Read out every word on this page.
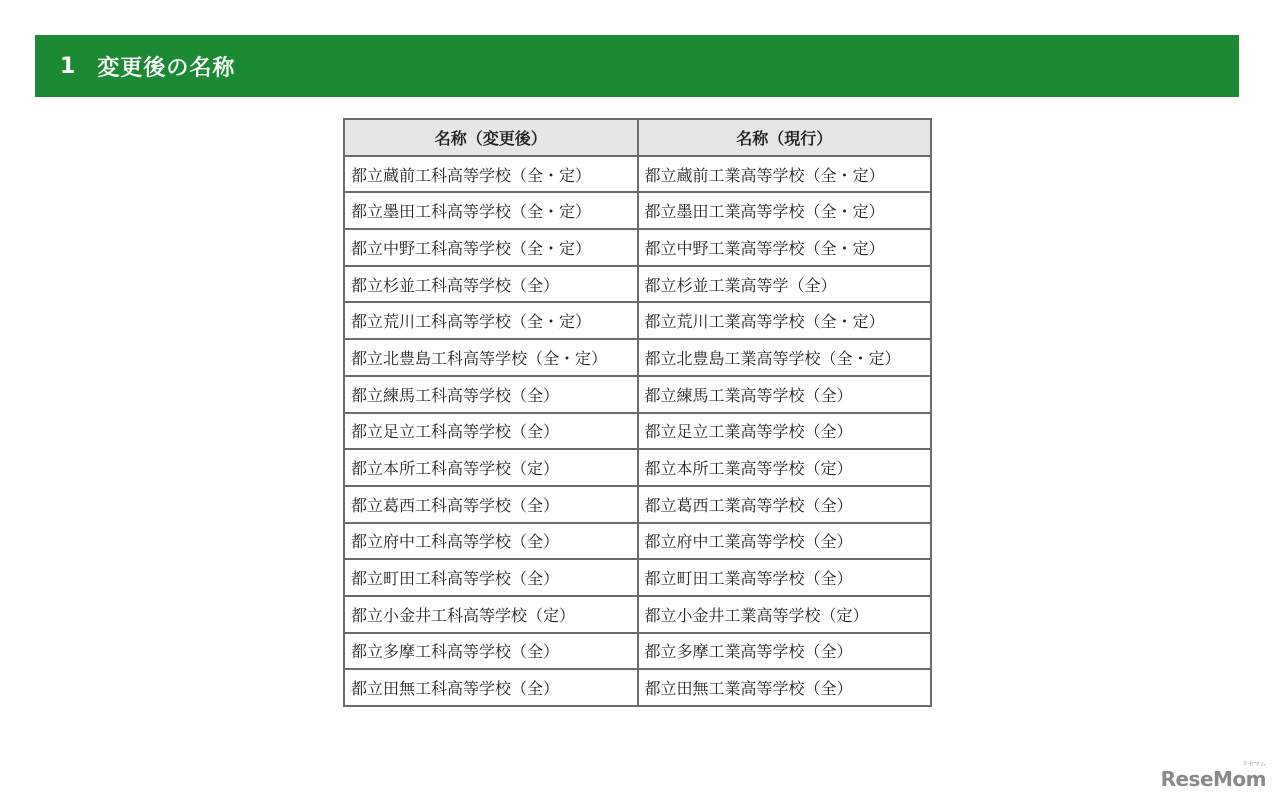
1 変更後の名称
名称（変更後）	名称（現行）
都立蔵前工科高等学校（全・定）	都立蔵前工業高等学校（全・定）
都立墨田工科高等学校（全・定）	都立墨田工業高等学校（全・定）
都立中野工科高等学校（全・定）	都立中野工業高等学校（全・定）
都立杉並工科高等学校（全）	都立杉並工業高等学（全）
都立荒川工科高等学校（全・定）	都立荒川工業高等学校（全・定）
都立北豊島工科高等学校（全・定）	都立北豊島工業高等学校（全・定）
都立練馬工科高等学校（全）	都立練馬工業高等学校（全）
都立足立工科高等学校（全）	都立足立工業高等学校（全）
都立本所工科高等学校（定）	都立本所工業高等学校（定）
都立葛西工科高等学校（全）	都立葛西工業高等学校（全）
都立府中工科高等学校（全）	都立府中工業高等学校（全）
都立町田工科高等学校（全）	都立町田工業高等学校（全）
都立小金井工科高等学校（定）	都立小金井工業高等学校（定）
都立多摩工科高等学校（全）	都立多摩工業高等学校（全）
都立田無工科高等学校（全）	都立田無工業高等学校（全）
リセマム
ReseMom
